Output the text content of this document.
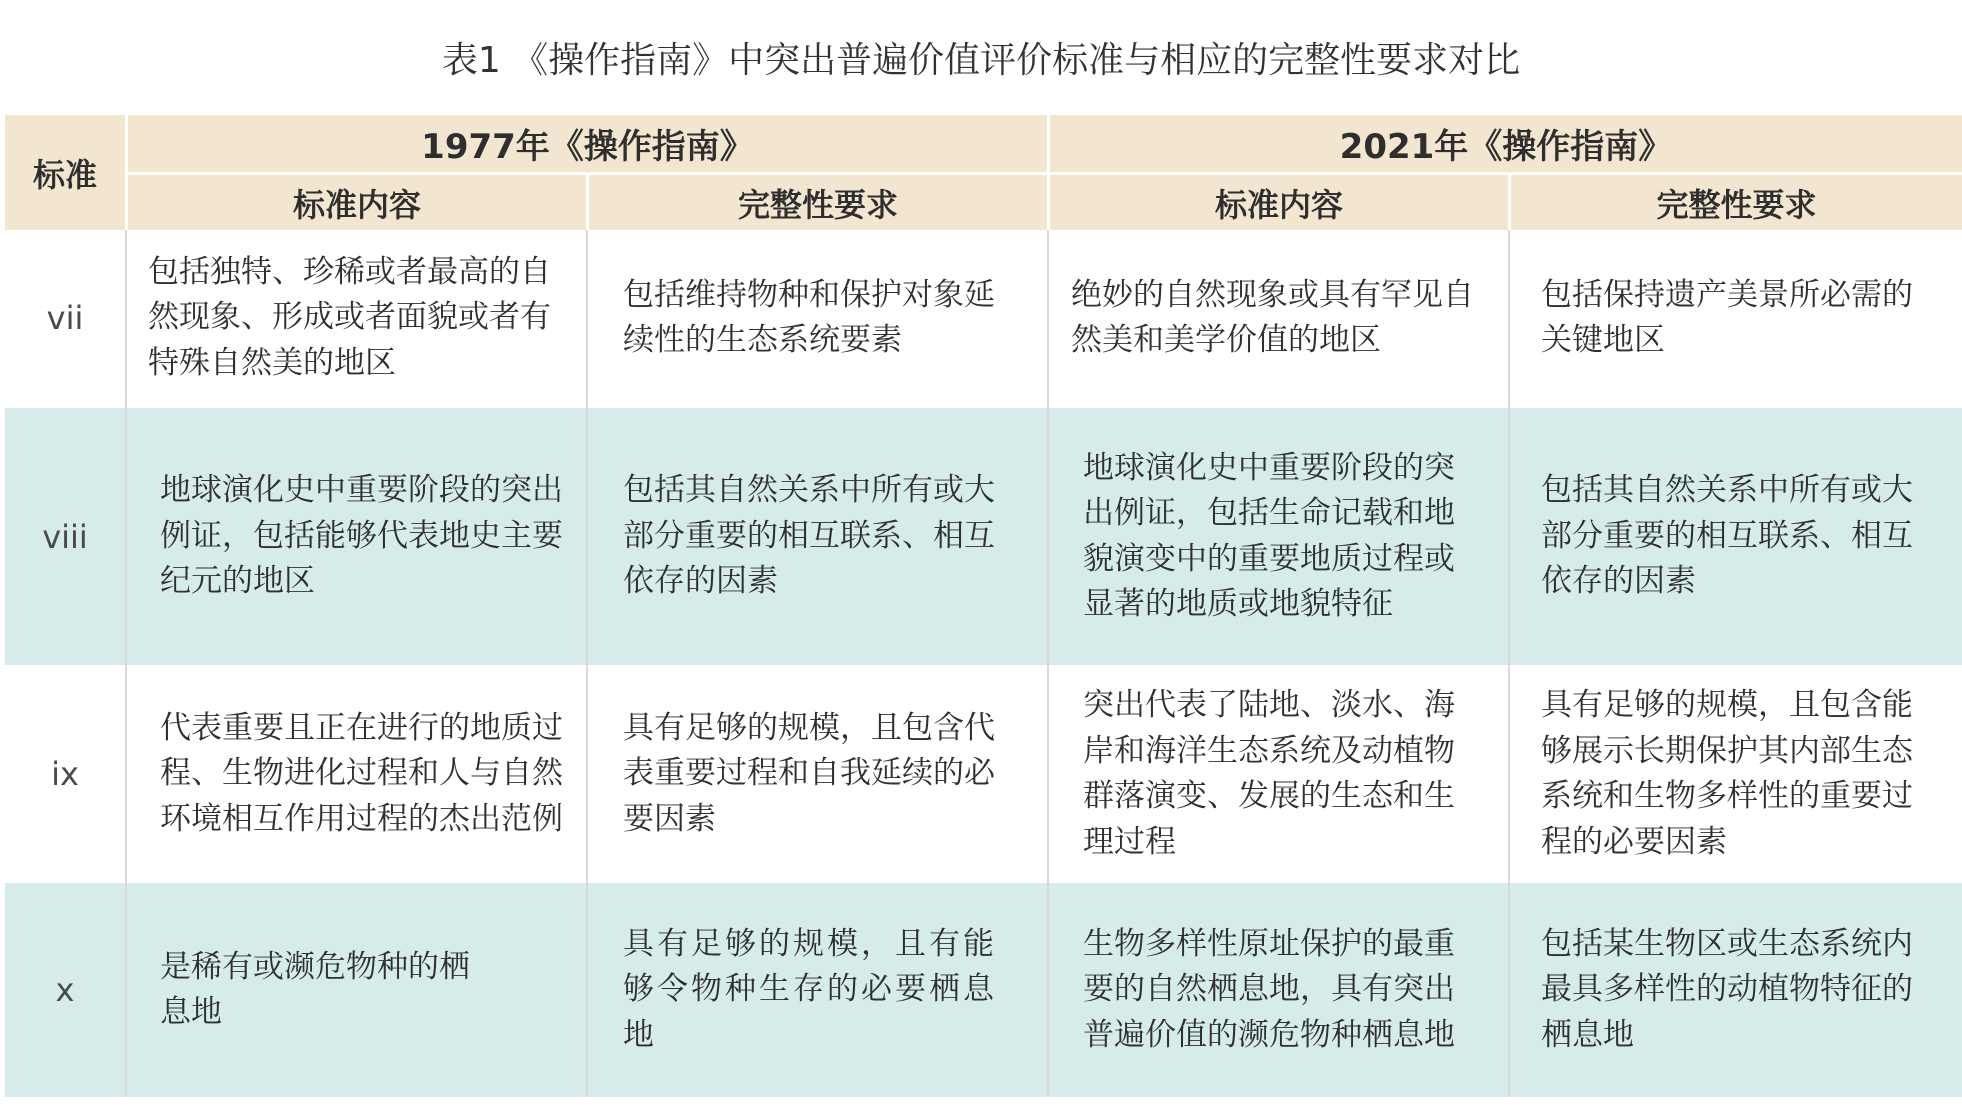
表1 《操作指南》中突出普遍价值评价标准与相应的完整性要求对比
标准
1977年《操作指南》	2021年《操作指南》
标准内容	完整性要求	标准内容	完整性要求
vii
包括独特、珍稀或者最高的自然现象、形成或者面貌或者有特殊自然美的地区
包括维持物种和保护对象延续性的生态系统要素
绝妙的自然现象或具有罕见自然美和美学价值的地区
包括保持遗产美景所必需的关键地区
viii
地球演化史中重要阶段的突出例证，包括能够代表地史主要纪元的地区
包括其自然关系中所有或大部分重要的相互联系、相互依存的因素
地球演化史中重要阶段的突出例证，包括生命记载和地貌演变中的重要地质过程或显著的地质或地貌特征
包括其自然关系中所有或大部分重要的相互联系、相互依存的因素
ix
代表重要且正在进行的地质过程、生物进化过程和人与自然环境相互作用过程的杰出范例
具有足够的规模，且包含代表重要过程和自我延续的必要因素
突出代表了陆地、淡水、海岸和海洋生态系统及动植物群落演变、发展的生态和生理过程
具有足够的规模，且包含能够展示长期保护其内部生态系统和生物多样性的重要过程的必要因素
x
是稀有或濒危物种的栖息地
具有足够的规模，且有能够令物种生存的必要栖息地
生物多样性原址保护的最重要的自然栖息地，具有突出普遍价值的濒危物种栖息地
包括某生物区或生态系统内最具多样性的动植物特征的栖息地
